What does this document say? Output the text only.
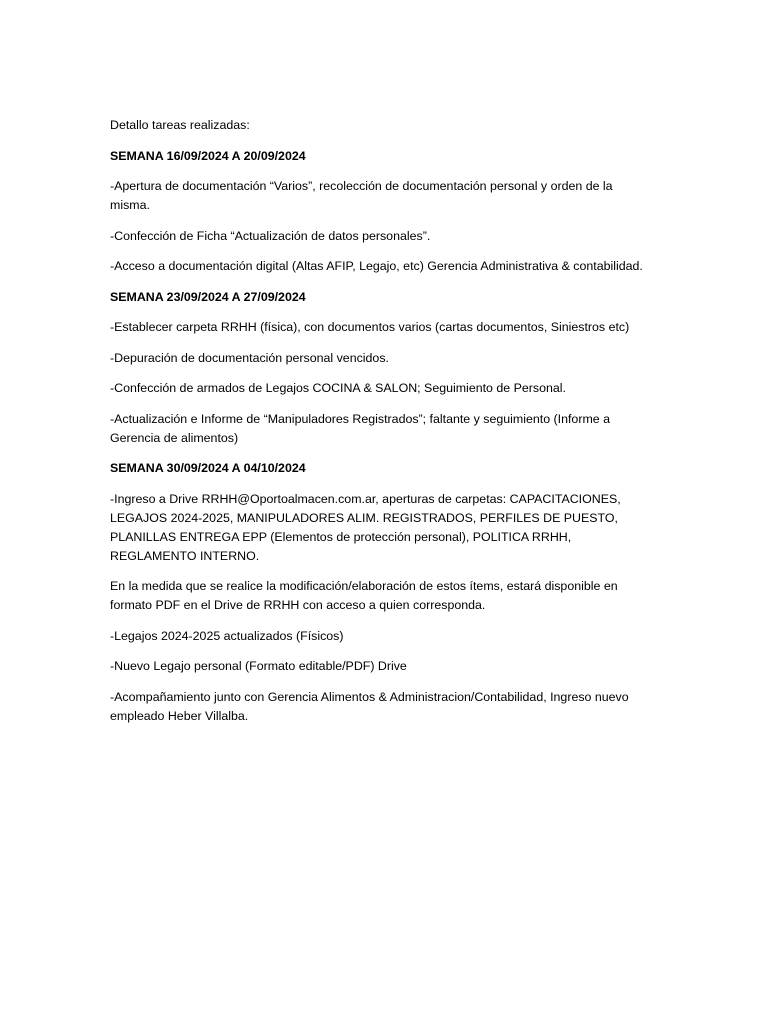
Detallo tareas realizadas:

SEMANA 16/09/2024 A 20/09/2024

-Apertura de documentación “Varios”, recolección de documentación personal y orden de la misma.

-Confección de Ficha “Actualización de datos personales”.

-Acceso a documentación digital (Altas AFIP, Legajo, etc) Gerencia Administrativa & contabilidad.

SEMANA 23/09/2024 A 27/09/2024

-Establecer carpeta RRHH (física), con documentos varios (cartas documentos, Siniestros etc)

-Depuración de documentación personal vencidos.

-Confección de armados de Legajos COCINA & SALON; Seguimiento de Personal.

-Actualización e Informe de “Manipuladores Registrados”; faltante y seguimiento (Informe a Gerencia de alimentos)

SEMANA 30/09/2024 A 04/10/2024

-Ingreso a Drive RRHH@Oportoalmacen.com.ar, aperturas de carpetas: CAPACITACIONES, LEGAJOS 2024-2025, MANIPULADORES ALIM. REGISTRADOS, PERFILES DE PUESTO, PLANILLAS ENTREGA EPP (Elementos de protección personal), POLITICA RRHH, REGLAMENTO INTERNO.

En la medida que se realice la modificación/elaboración de estos ítems, estará disponible en formato PDF en el Drive de RRHH con acceso a quien corresponda.

-Legajos 2024-2025 actualizados (Físicos)

-Nuevo Legajo personal (Formato editable/PDF) Drive

-Acompañamiento junto con Gerencia Alimentos & Administracion/Contabilidad, Ingreso nuevo empleado Heber Villalba.
